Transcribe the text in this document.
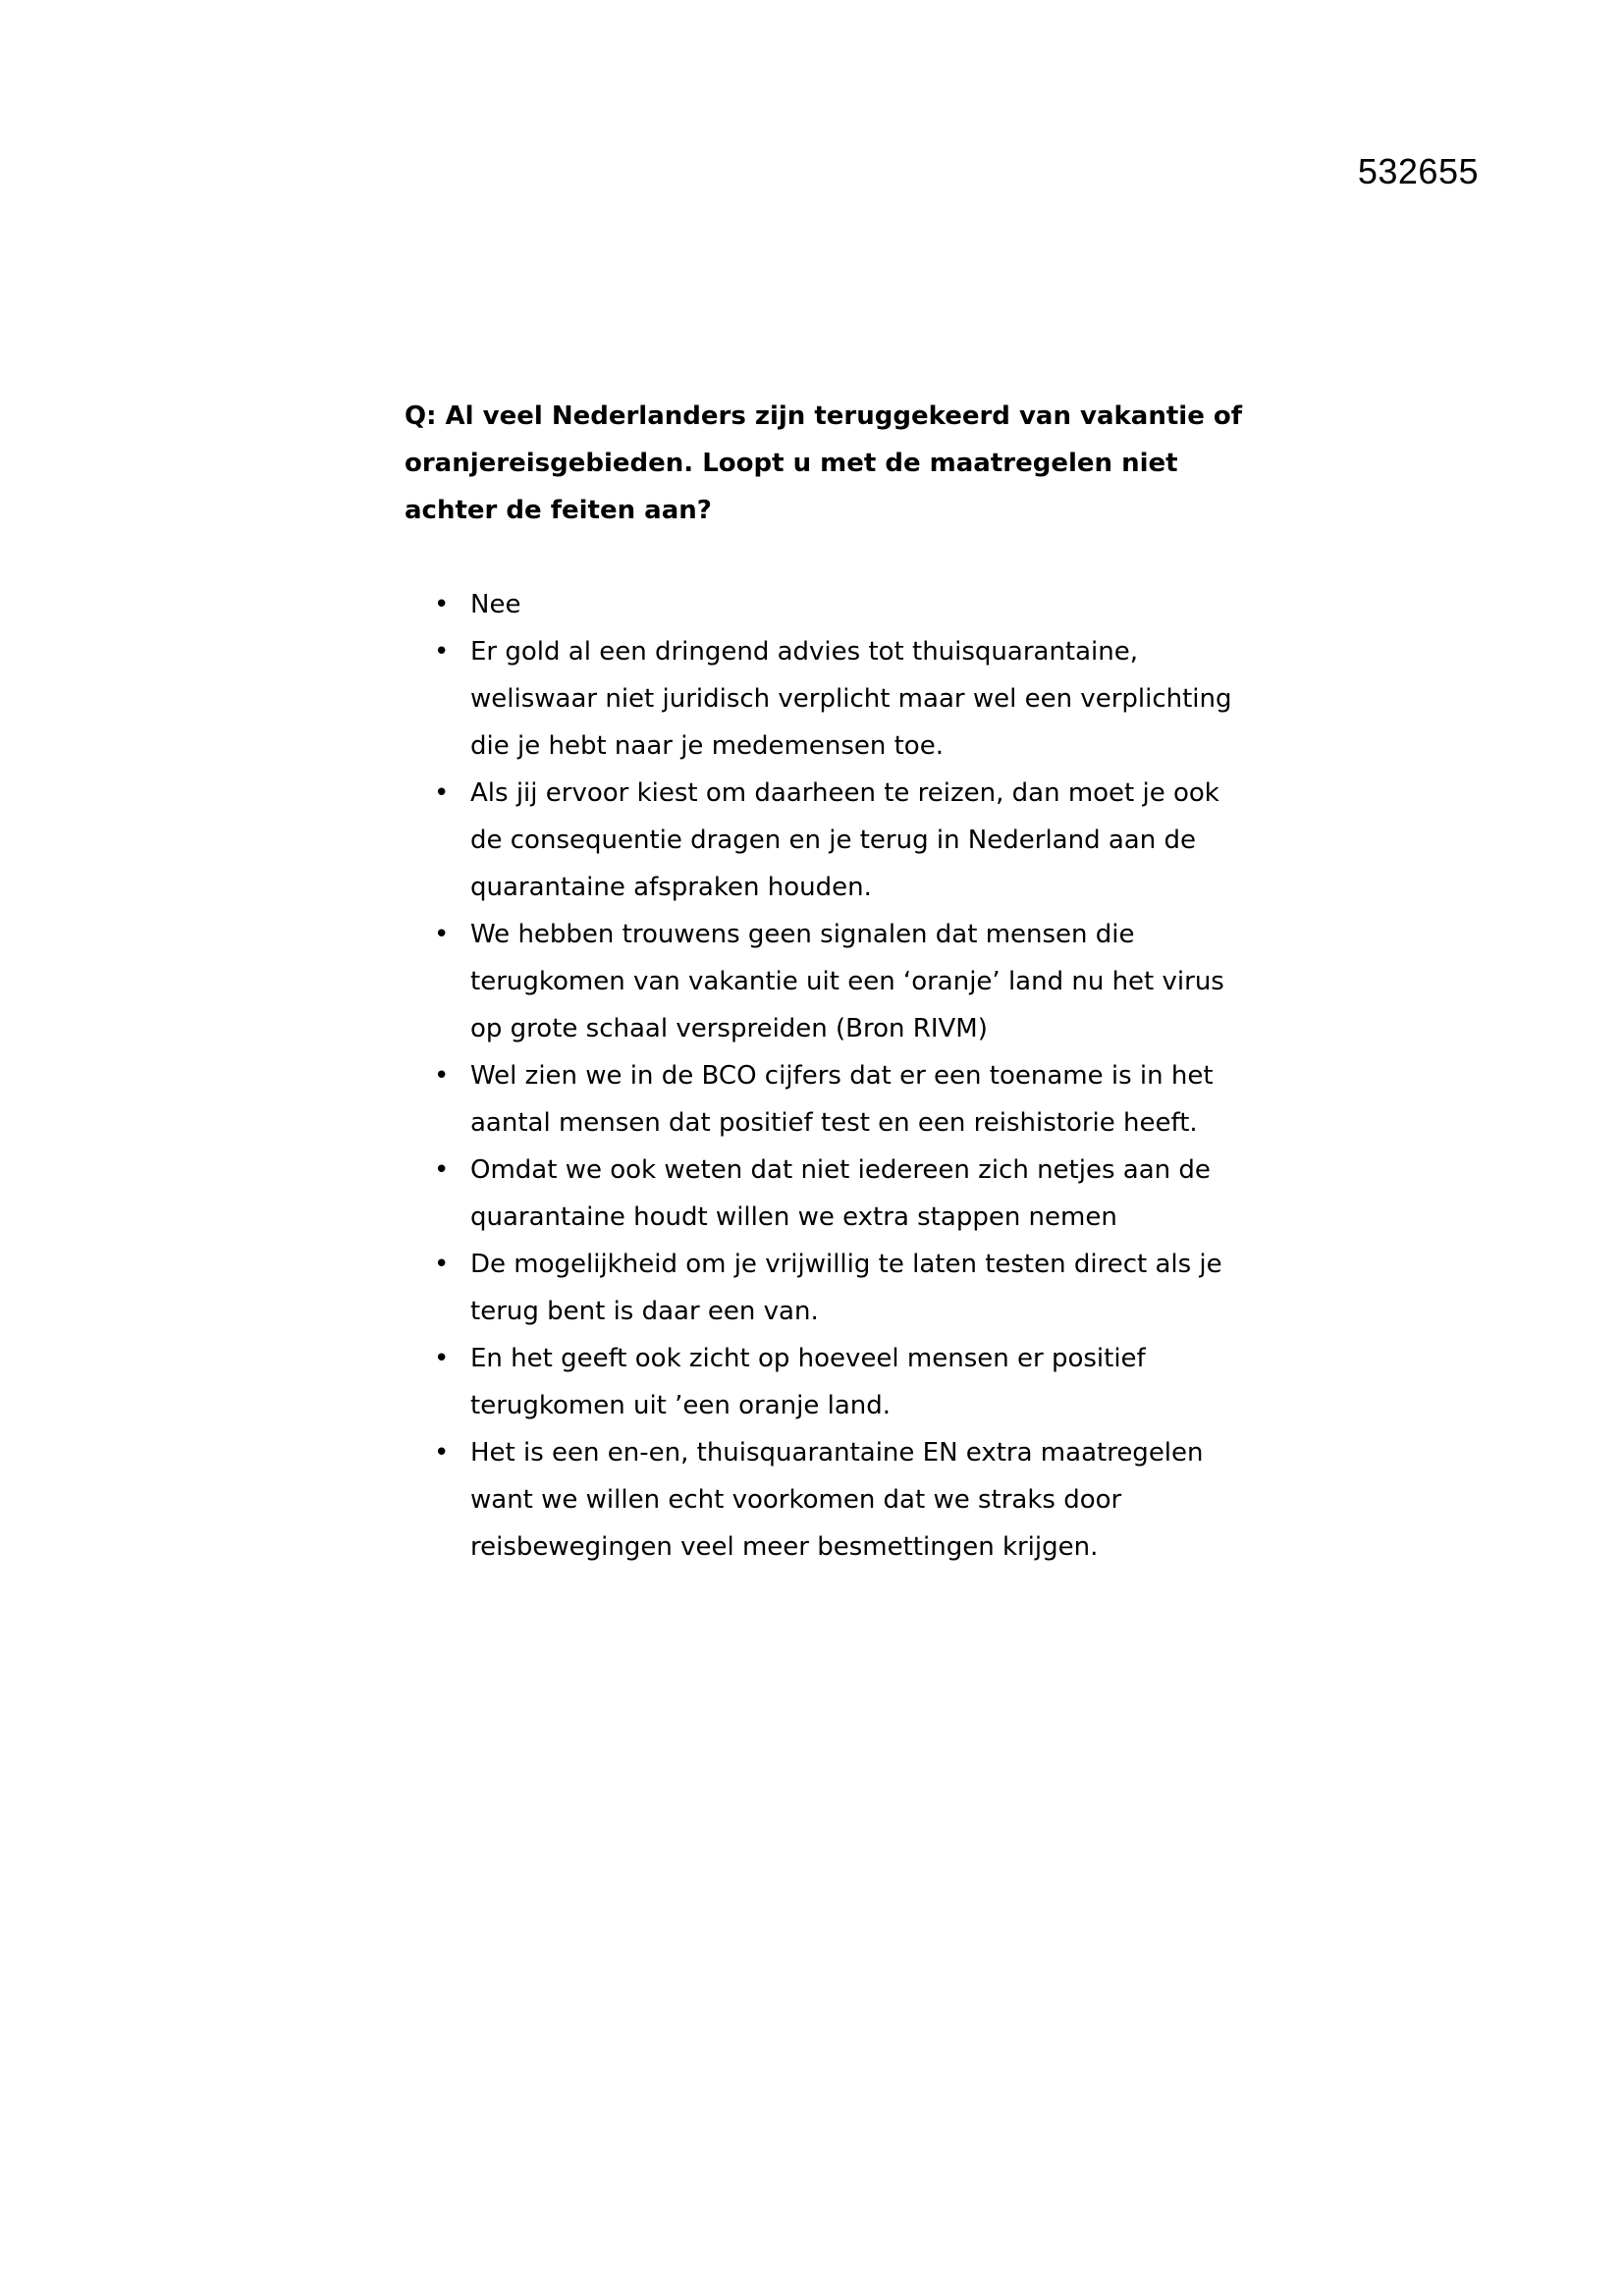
532655

Q: Al veel Nederlanders zijn teruggekeerd van vakantie of oranjereisgebieden. Loopt u met de maatregelen niet achter de feiten aan?

• Nee
• Er gold al een dringend advies tot thuisquarantaine, weliswaar niet juridisch verplicht maar wel een verplichting die je hebt naar je medemensen toe.
• Als jij ervoor kiest om daarheen te reizen, dan moet je ook de consequentie dragen en je terug in Nederland aan de quarantaine afspraken houden.
• We hebben trouwens geen signalen dat mensen die terugkomen van vakantie uit een ‘oranje’ land nu het virus op grote schaal verspreiden (Bron RIVM)
• Wel zien we in de BCO cijfers dat er een toename is in het aantal mensen dat positief test en een reishistorie heeft.
• Omdat we ook weten dat niet iedereen zich netjes aan de quarantaine houdt willen we extra stappen nemen
• De mogelijkheid om je vrijwillig te laten testen direct als je terug bent is daar een van.
• En het geeft ook zicht op hoeveel mensen er positief terugkomen uit ’een oranje land.
• Het is een en-en, thuisquarantaine EN extra maatregelen want we willen echt voorkomen dat we straks door reisbewegingen veel meer besmettingen krijgen.
